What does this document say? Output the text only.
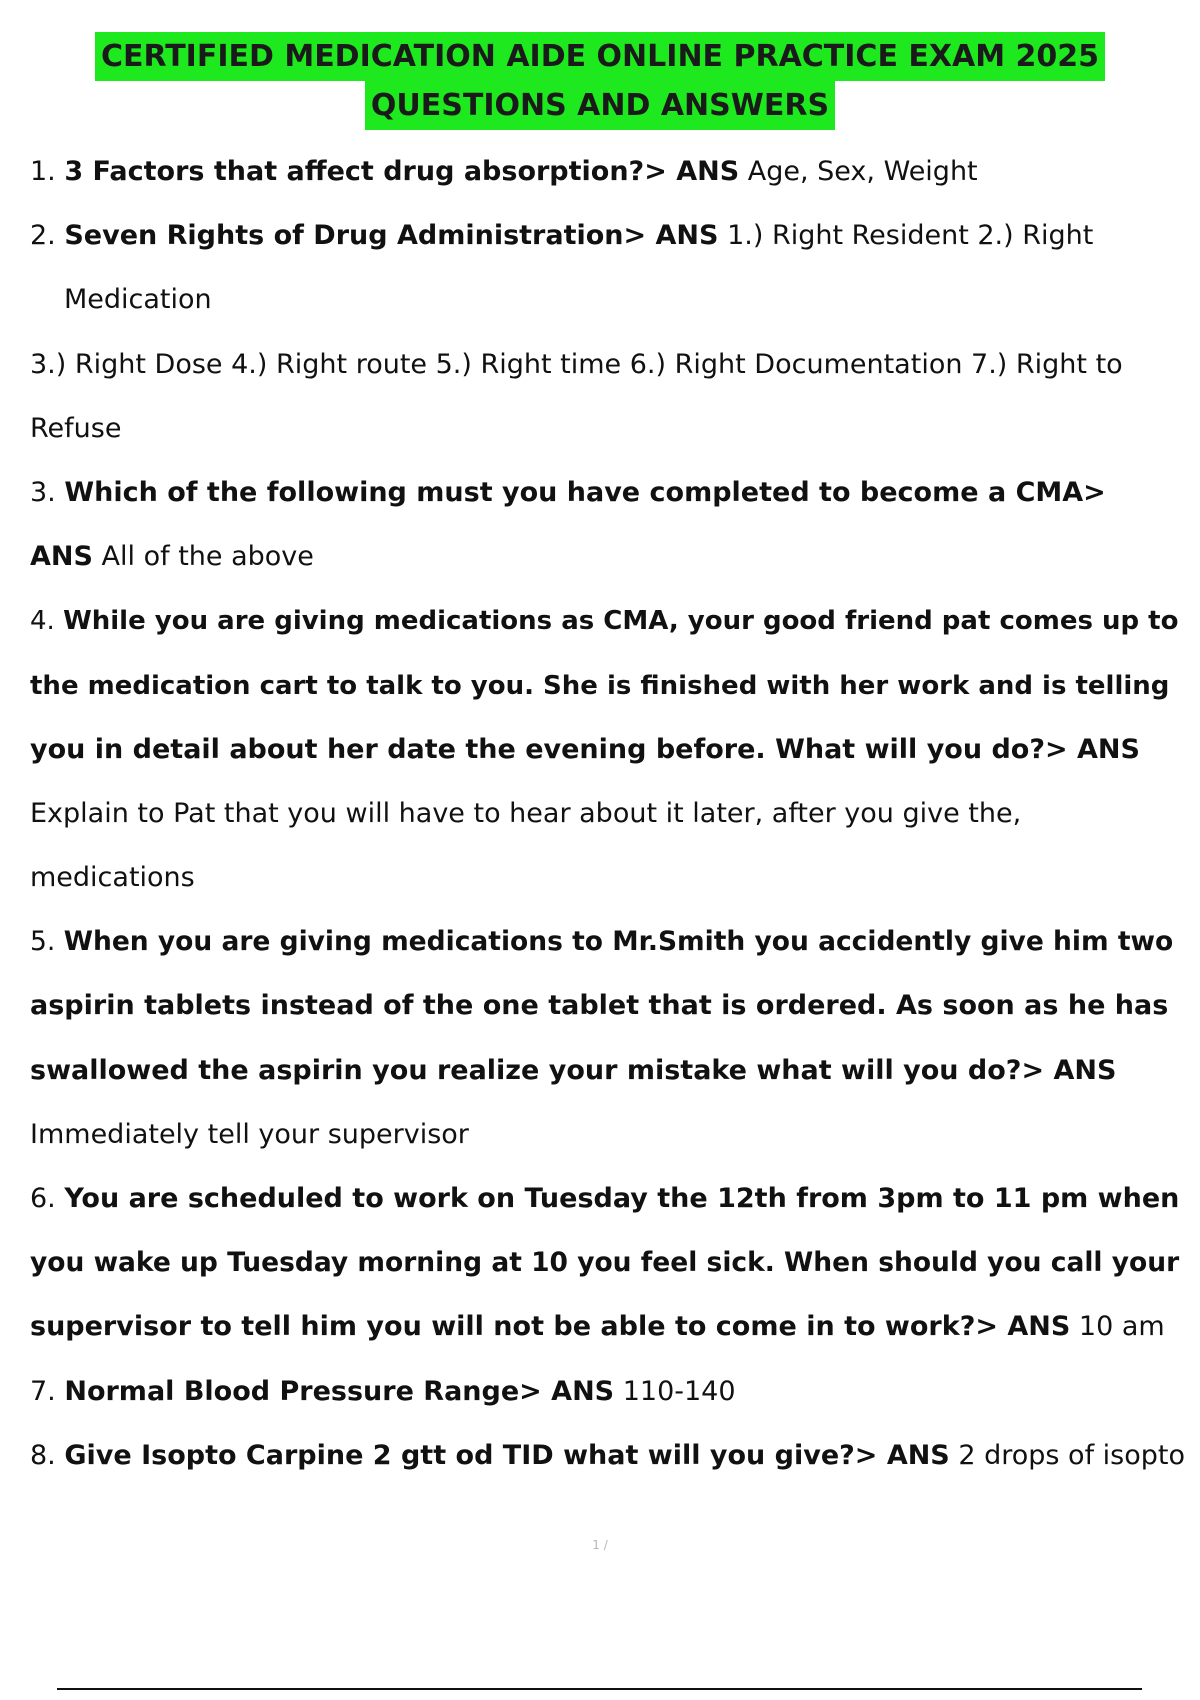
CERTIFIED MEDICATION AIDE ONLINE PRACTICE EXAM 2025
QUESTIONS AND ANSWERS
1. 3 Factors that affect drug absorption?> ANS Age, Sex, Weight
2. Seven Rights of Drug Administration> ANS 1.) Right Resident 2.) Right
Medication
3.) Right Dose 4.) Right route 5.) Right time 6.) Right Documentation 7.) Right to
Refuse
3. Which of the following must you have completed to become a CMA>
ANS All of the above
4. While you are giving medications as CMA, your good friend pat comes up to
the medication cart to talk to you. She is finished with her work and is telling
you in detail about her date the evening before. What will you do?> ANS
Explain to Pat that you will have to hear about it later, after you give the,
medications
5. When you are giving medications to Mr.Smith you accidently give him two
aspirin tablets instead of the one tablet that is ordered. As soon as he has
swallowed the aspirin you realize your mistake what will you do?> ANS
Immediately tell your supervisor
6. You are scheduled to work on Tuesday the 12th from 3pm to 11 pm when
you wake up Tuesday morning at 10 you feel sick. When should you call your
supervisor to tell him you will not be able to come in to work?> ANS 10 am
7. Normal Blood Pressure Range> ANS 110-140
8. Give Isopto Carpine 2 gtt od TID what will you give?> ANS 2 drops of isopto
1 /
